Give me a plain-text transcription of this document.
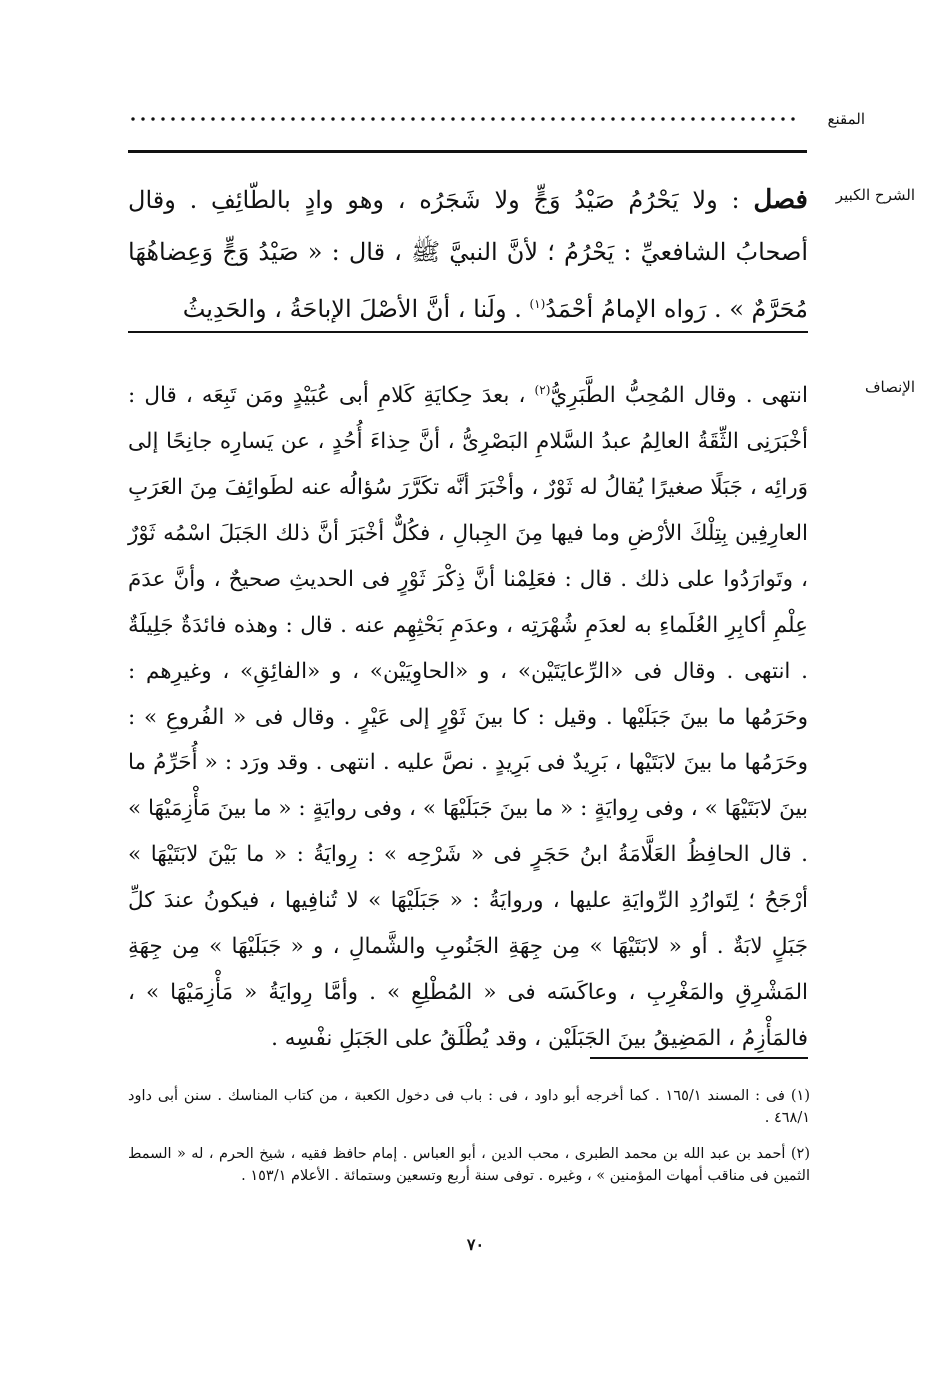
المقنع
الشرح الكبير

فصل : ولا يَحْرُمُ صَيْدُ وَجٍّ ولا شَجَرُه ، وهو وادٍ بالطّائِفِ . وقال أصحابُ الشافعيِّ : يَحْرُمُ ؛ لأنَّ النبيَّ ﷺ ، قال : « صَيْدُ وَجٍّ وَعِضاهُهَا مُحَرَّمٌ » . رَواه الإمامُ أحْمَدُ$^{(١)}$ . ولَنا ، أنَّ الأصْلَ الإباحَةُ ، والحَدِيثُ

الإنصاف

انتهى . وقال المُحِبُّ الطَّبَرِيُّ$^{(٢)}$ ، بعدَ حِكايَةِ كَلامِ أبى عُبَيْدٍ ومَن تَبِعَه ، قال : أخْبَرَنِى الثِّقَةُ العالِمُ عبدُ السَّلامِ البَصْرِىُّ ، أنَّ حِذاءَ أُحُدٍ ، عن يَسارِه جانِحًا إلى وَرائِه ، جَبَلًا صغيرًا يُقالُ له ثَوْرٌ ، وأخْبَرَ أنَّه تكَرَّرَ سُؤالُه عنه لطَوائِفَ مِنَ العَرَبِ العارِفِين بِتِلْكَ الأرْضِ وما فيها مِنَ الجِبالِ ، فكُلٌّ أخْبَرَ أنَّ ذلك الجَبَلَ اسْمُه ثَوْرٌ ، وتَوارَدُوا على ذلك . قال : فعَلِمْنا أنَّ ذِكْرَ ثَوْرٍ فى الحديثِ صحيحٌ ، وأنَّ عدَمَ عِلْمِ أكابِرِ العُلَماءِ به لعدَمِ شُهْرَتِه ، وعدَمِ بَحْثِهِم عنه . قال : وهذه فائدَةٌ جَلِيلَةٌ . انتهى . وقال فى «الرِّعايَتَيْن» ، و «الحاوِيَيْن» ، و «الفائِقِ» ، وغيرِهم : وحَرَمُها ما بينَ جَبَلَيْها . وقيل : كا بينَ ثَوْرٍ إلى عَيْرٍ . وقال فى « الفُروعِ » : وحَرَمُها ما بينَ لابَتَيْها ، بَرِيدٌ فى بَرِيدٍ . نصَّ عليه . انتهى . وقد ورَد : « أُحَرِّمُ ما بينَ لابَتَيْهَا » ، وفى رِوايَةٍ : « ما بينَ جَبَلَيْهَا » ، وفى روايَةٍ : « ما بينَ مَأْزِمَيْهَا » . قال الحافِظُ العَلَّامَةُ ابنُ حَجَرٍ فى « شَرْحِه » : رِوايَةُ : « ما بَيْنَ لابَتَيْهَا » أرْجَحُ ؛ لِتَوارُدِ الرِّوايَةِ عليها ، وروايَةُ : « جَبَلَيْهَا » لا تُنافِيها ، فيكونُ عندَ كلِّ جَبَلٍ لابَةٌ . أو « لابَتَيْهَا » مِن جِهَةِ الجَنُوبِ والشَّمالِ ، و « جَبَلَيْهَا » مِن جِهَةِ المَشْرِقِ والمَغْرِبِ ، وعاكَسَه فى « المُطْلِعِ » . وأمَّا رِوايَةُ « مَأْزِمَيْهَا » ، فالمَأْزِمُ ، المَضِيقُ بينَ الجَبَلَيْن ، وقد يُطْلَقُ على الجَبَلِ نفْسِه .

(١) فى : المسند ١٦٥/١ . كما أخرجه أبو داود ، فى : باب فى دخول الكعبة ، من كتاب المناسك . سنن أبى داود ٤٦٨/١ .

(٢) أحمد بن عبد الله بن محمد الطبرى ، محب الدين ، أبو العباس . إمام حافظ فقيه ، شيخ الحرم ، له « السمط الثمين فى مناقب أمهات المؤمنين » ، وغيره . توفى سنة أربع وتسعين وستمائة . الأعلام ١٥٣/١ .

٧٠
